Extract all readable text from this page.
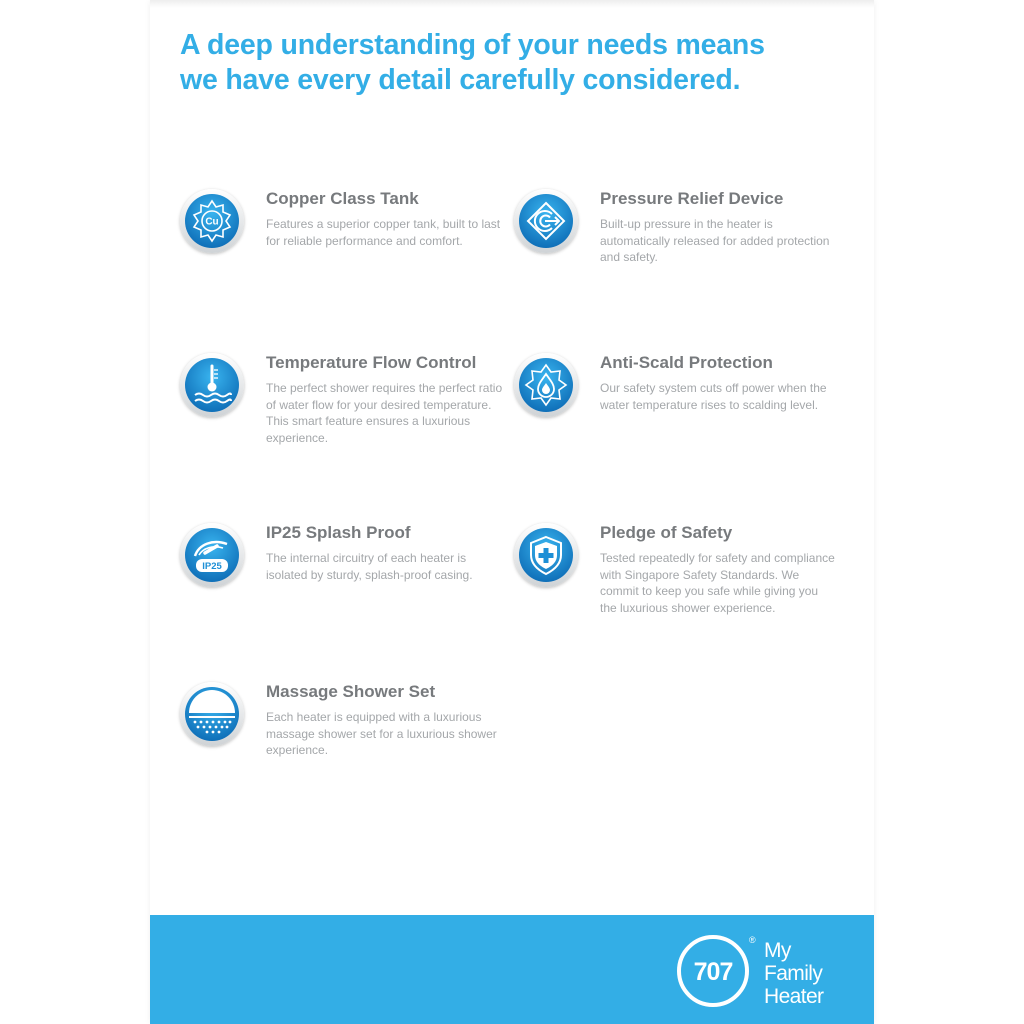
A deep understanding of your needs means
we have every detail carefully considered.
Cu

Copper Class Tank

Features a superior copper tank, built to last for reliable performance and comfort.

Pressure Relief Device

Built-up pressure in the heater is automatically released for added protection and safety.

Temperature Flow Control

The perfect shower requires the perfect ratio of water flow for your desired temperature. This smart feature ensures a luxurious experience.

Anti-Scald Protection

Our safety system cuts off power when the water temperature rises to scalding level.

IP25

IP25 Splash Proof

The internal circuitry of each heater is isolated by sturdy, splash-proof casing.

Pledge of Safety

Tested repeatedly for safety and compliance with Singapore Safety Standards. We commit to keep you safe while giving you the luxurious shower experience.

Massage Shower Set

Each heater is equipped with a luxurious massage shower set for a luxurious shower experience.

707
® My
Family
Heater
